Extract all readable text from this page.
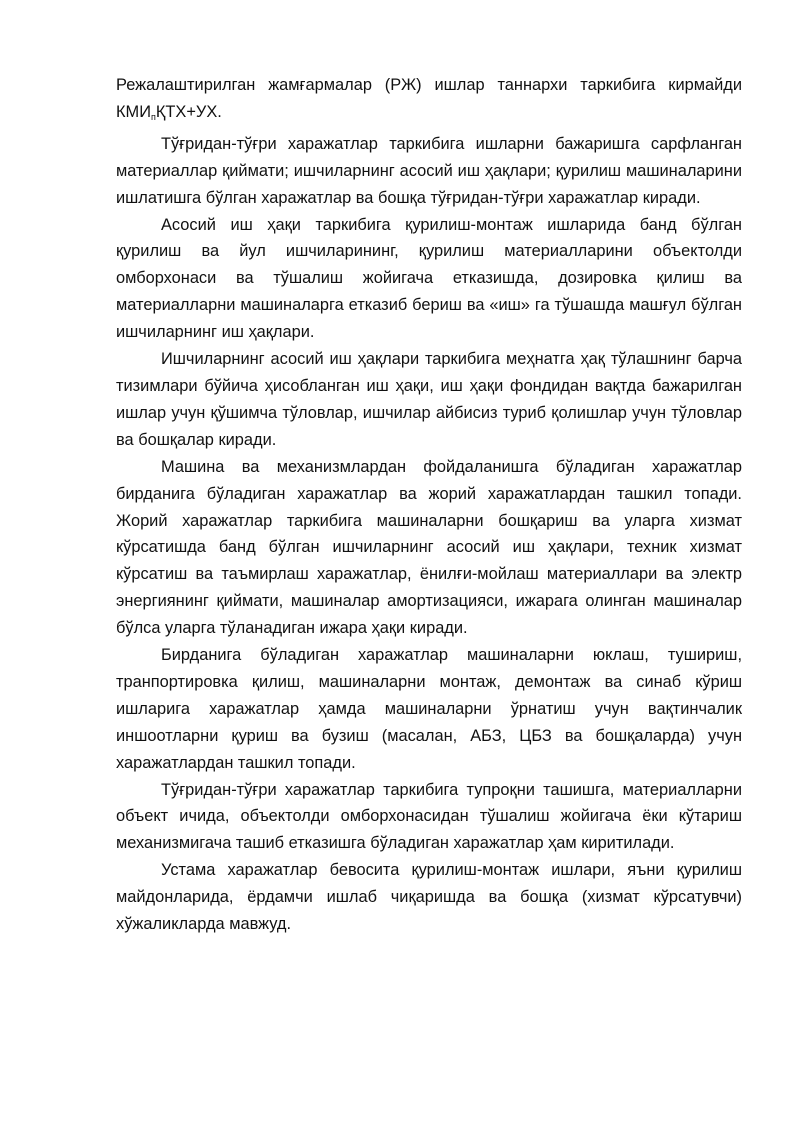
Режалаштирилган жамғармалар (РЖ) ишлар таннархи таркибига кирмайди $КМИ_пҚТХ+УХ$.

Тўғридан-тўғри харажатлар таркибига ишларни бажаришга сарфланган материаллар қиймати; ишчиларнинг асосий иш ҳақлари; қурилиш машиналарини ишлатишга бўлган харажатлар ва бошқа тўғридан-тўғри харажатлар киради.

Асосий иш ҳақи таркибига қурилиш-монтаж ишларида банд бўлган қурилиш ва йул ишчиларининг, қурилиш материалларини объектолди омборхонаси ва тўшалиш жойигача етказишда, дозировка қилиш ва материалларни машиналарга етказиб бериш ва «иш» га тўшашда машғул бўлган ишчиларнинг иш ҳақлари.

Ишчиларнинг асосий иш ҳақлари таркибига меҳнатга ҳақ тўлашнинг барча тизимлари бўйича ҳисобланган иш ҳақи, иш ҳақи фондидан вақтда бажарилган ишлар учун қўшимча тўловлар, ишчилар айбисиз туриб қолишлар учун тўловлар ва бошқалар киради.

Машина ва механизмлардан фойдаланишга бўладиган харажатлар бирданига бўладиган харажатлар ва жорий харажатлардан ташкил топади. Жорий харажатлар таркибига машиналарни бошқариш ва уларга хизмат кўрсатишда банд бўлган ишчиларнинг асосий иш ҳақлари, техник хизмат кўрсатиш ва таъмирлаш харажатлар, ёнилғи-мойлаш материаллари ва электр энергиянинг қиймати, машиналар амортизацияси, ижарага олинган машиналар бўлса уларга тўланадиган ижара ҳақи киради.

Бирданига бўладиган харажатлар машиналарни юклаш, тушириш, транпортировка қилиш, машиналарни монтаж, демонтаж ва синаб кўриш ишларига харажатлар ҳамда машиналарни ўрнатиш учун вақтинчалик иншоотларни қуриш ва бузиш (масалан, АБЗ, ЦБЗ ва бошқаларда) учун харажатлардан ташкил топади.

Тўғридан-тўғри харажатлар таркибига тупроқни ташишга, материалларни объект ичида, объектолди омборхонасидан тўшалиш жойигача ёки кўтариш механизмигача ташиб етказишга бўладиган харажатлар ҳам киритилади.

Устама харажатлар бевосита қурилиш-монтаж ишлари, яъни қурилиш майдонларида, ёрдамчи ишлаб чиқаришда ва бошқа (хизмат кўрсатувчи) хўжаликларда мавжуд.
